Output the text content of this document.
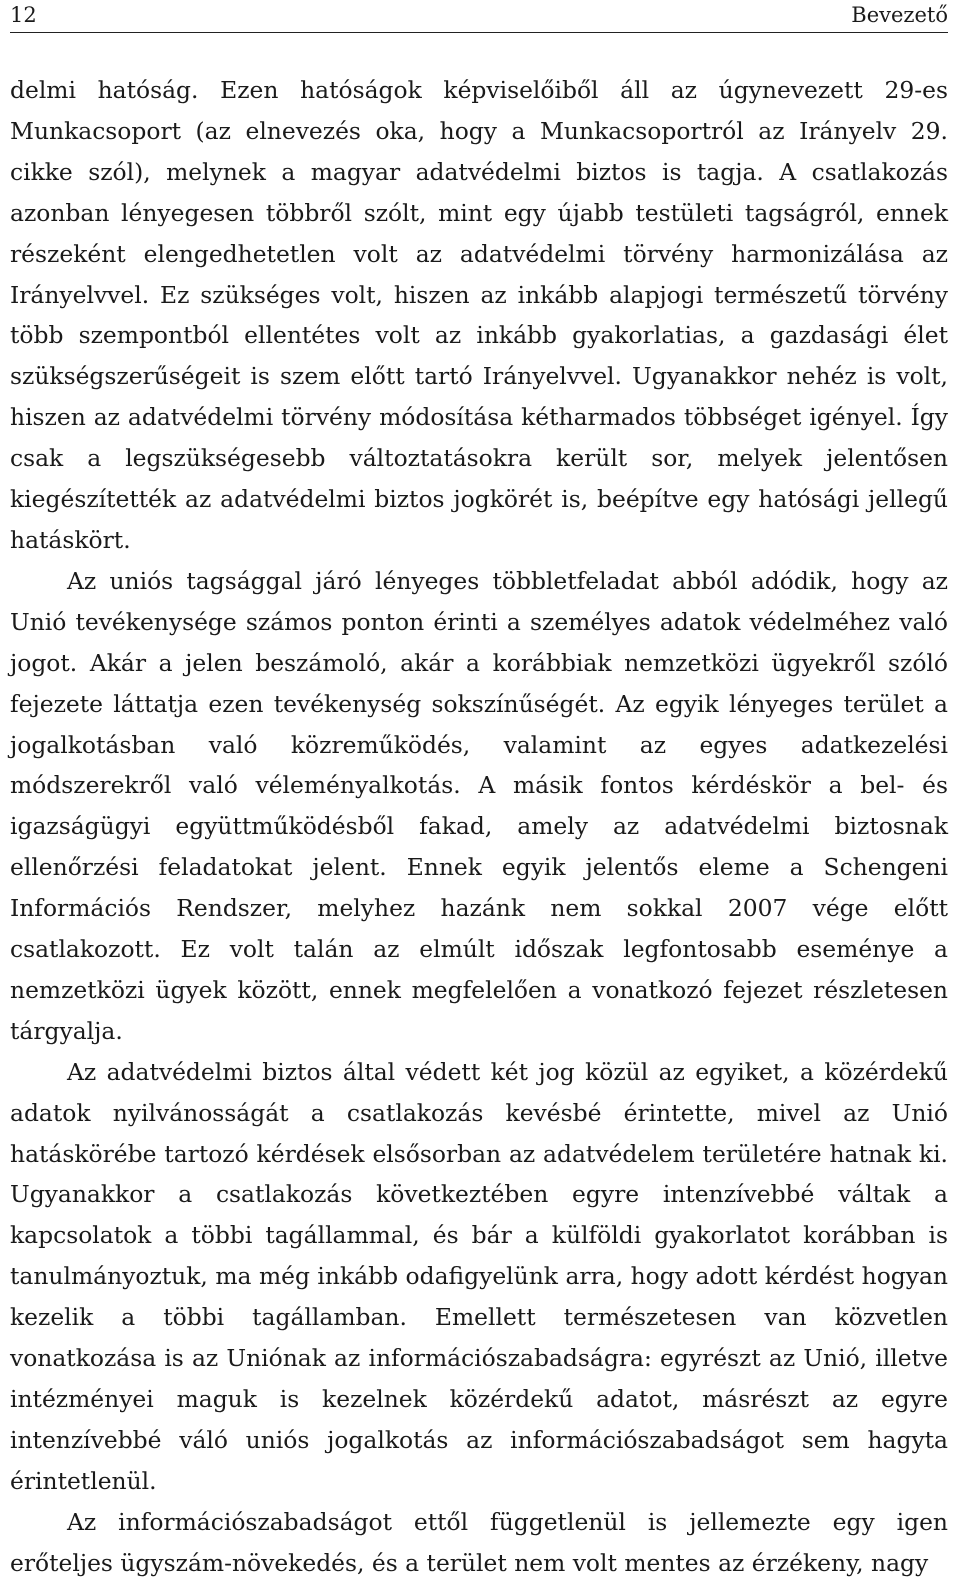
12	Bevezető

delmi hatóság. Ezen hatóságok képviselőiből áll az úgynevezett 29-es Munkacsoport (az elnevezés oka, hogy a Munkacsoportról az Irányelv 29. cikke szól), melynek a magyar adatvédelmi biztos is tagja. A csatlakozás azonban lényegesen többről szólt, mint egy újabb testületi tagságról, ennek részeként elengedhetetlen volt az adatvédelmi törvény harmonizálása az Irányelvvel. Ez szükséges volt, hiszen az inkább alapjogi természetű törvény több szempontból ellentétes volt az inkább gyakorlatias, a gazdasági élet szükségszerűségeit is szem előtt tartó Irányelvvel. Ugyanakkor nehéz is volt, hiszen az adatvédelmi törvény módosítása kétharmados többséget igényel. Így csak a legszükségesebb változtatásokra került sor, melyek jelentősen kiegészítették az adatvédelmi biztos jogkörét is, beépítve egy hatósági jellegű hatáskört.

Az uniós tagsággal járó lényeges többletfeladat abból adódik, hogy az Unió tevékenysége számos ponton érinti a személyes adatok védelméhez való jogot. Akár a jelen beszámoló, akár a korábbiak nemzetközi ügyekről szóló fejezete láttatja ezen tevékenység sokszínűségét. Az egyik lényeges terület a jogalkotásban való közreműködés, valamint az egyes adatkezelési módszerekről való véleményalkotás. A másik fontos kérdéskör a bel- és igazságügyi együttműködésből fakad, amely az adatvédelmi biztosnak ellenőrzési feladatokat jelent. Ennek egyik jelentős eleme a Schengeni Információs Rendszer, melyhez hazánk nem sokkal 2007 vége előtt csatlakozott. Ez volt talán az elmúlt időszak legfontosabb eseménye a nemzetközi ügyek között, ennek megfelelően a vonatkozó fejezet részletesen tárgyalja.

Az adatvédelmi biztos által védett két jog közül az egyiket, a közérdekű adatok nyilvánosságát a csatlakozás kevésbé érintette, mivel az Unió hatáskörébe tartozó kérdések elsősorban az adatvédelem területére hatnak ki. Ugyanakkor a csatlakozás következtében egyre intenzívebbé váltak a kapcsolatok a többi tagállammal, és bár a külföldi gyakorlatot korábban is tanulmányoztuk, ma még inkább odafigyelünk arra, hogy adott kérdést hogyan kezelik a többi tagállamban. Emellett természetesen van közvetlen vonatkozása is az Uniónak az információszabadságra: egyrészt az Unió, illetve intézményei maguk is kezelnek közérdekű adatot, másrészt az egyre intenzívebbé váló uniós jogalkotás az információszabadságot sem hagyta érintetlenül.

Az információszabadságot ettől függetlenül is jellemezte egy igen erőteljes ügyszám-növekedés, és a terület nem volt mentes az érzékeny, nagy
